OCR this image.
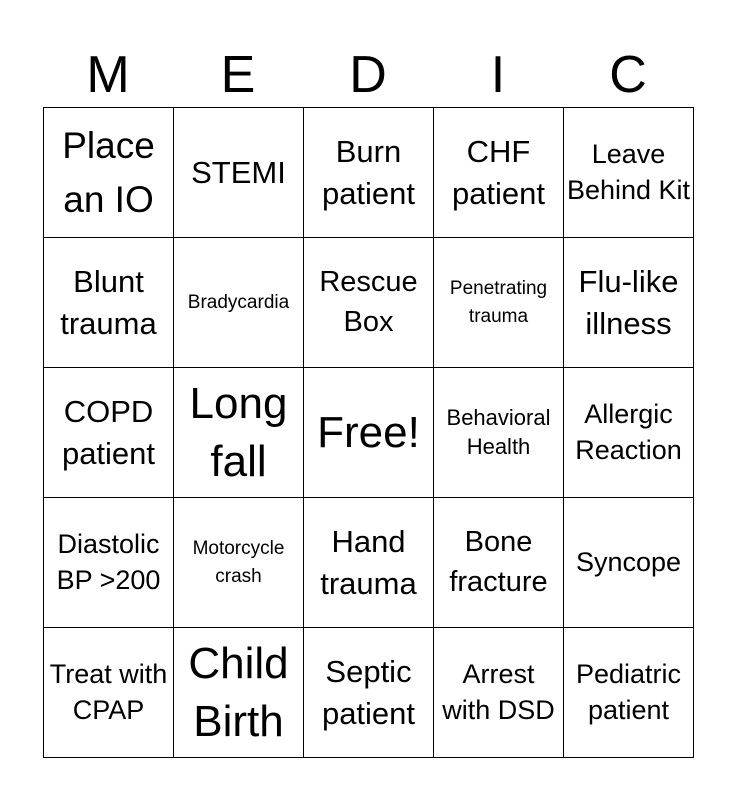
M	E	D	I	C
Place an IO	STEMI	Burn patient	CHF patient	Leave Behind Kit

Blunt trauma	Bradycardia	Rescue Box	Penetrating trauma	Flu-like illness

COPD patient	Long fall	Free!	Behavioral Health	Allergic Reaction

Diastolic BP >200	Motorcycle crash	Hand trauma	Bone fracture	Syncope

Treat with CPAP	Child Birth	Septic patient	Arrest with DSD	Pediatric patient
